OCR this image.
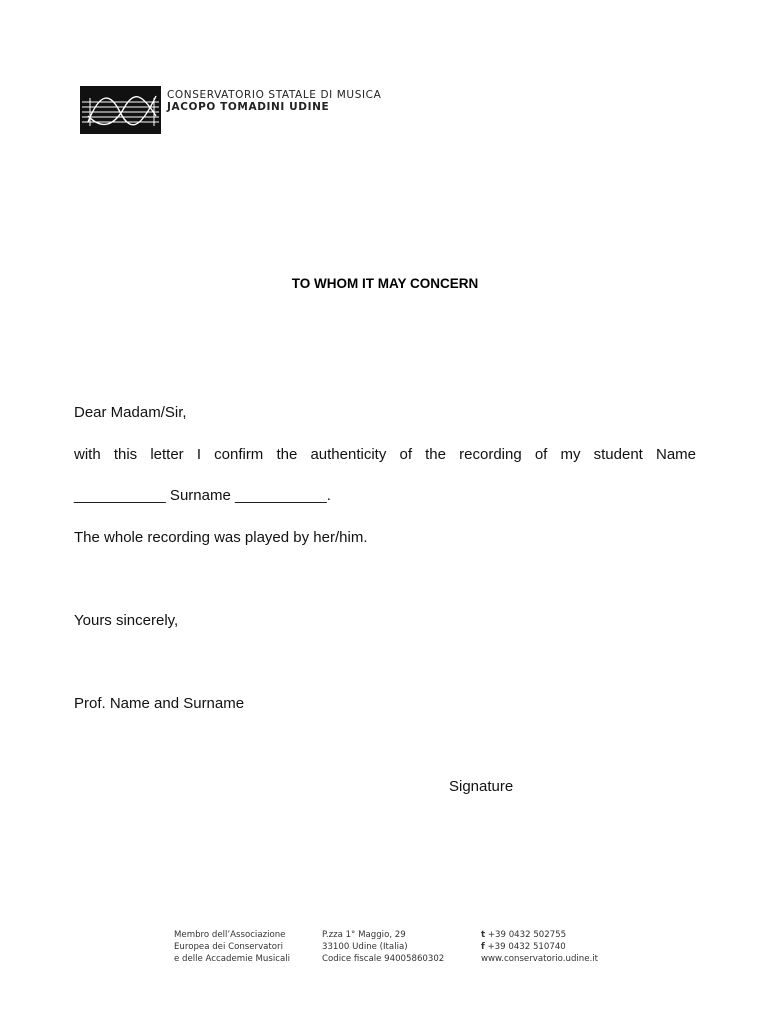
CONSERVATORIO STATALE DI MUSICA
JACOPO TOMADINI UDINE
TO WHOM IT MAY CONCERN
Dear Madam/Sir,
with this letter I confirm the authenticity of the recording of my student Name
___________ Surname ___________.
The whole recording was played by her/him.
Yours sincerely,
Prof. Name and Surname
Signature
Membro dell’Associazione
Europea dei Conservatori
e delle Accademie Musicali
P.zza 1° Maggio, 29
33100 Udine (Italia)
Codice fiscale 94005860302
t +39 0432 502755
f +39 0432 510740
www.conservatorio.udine.it
